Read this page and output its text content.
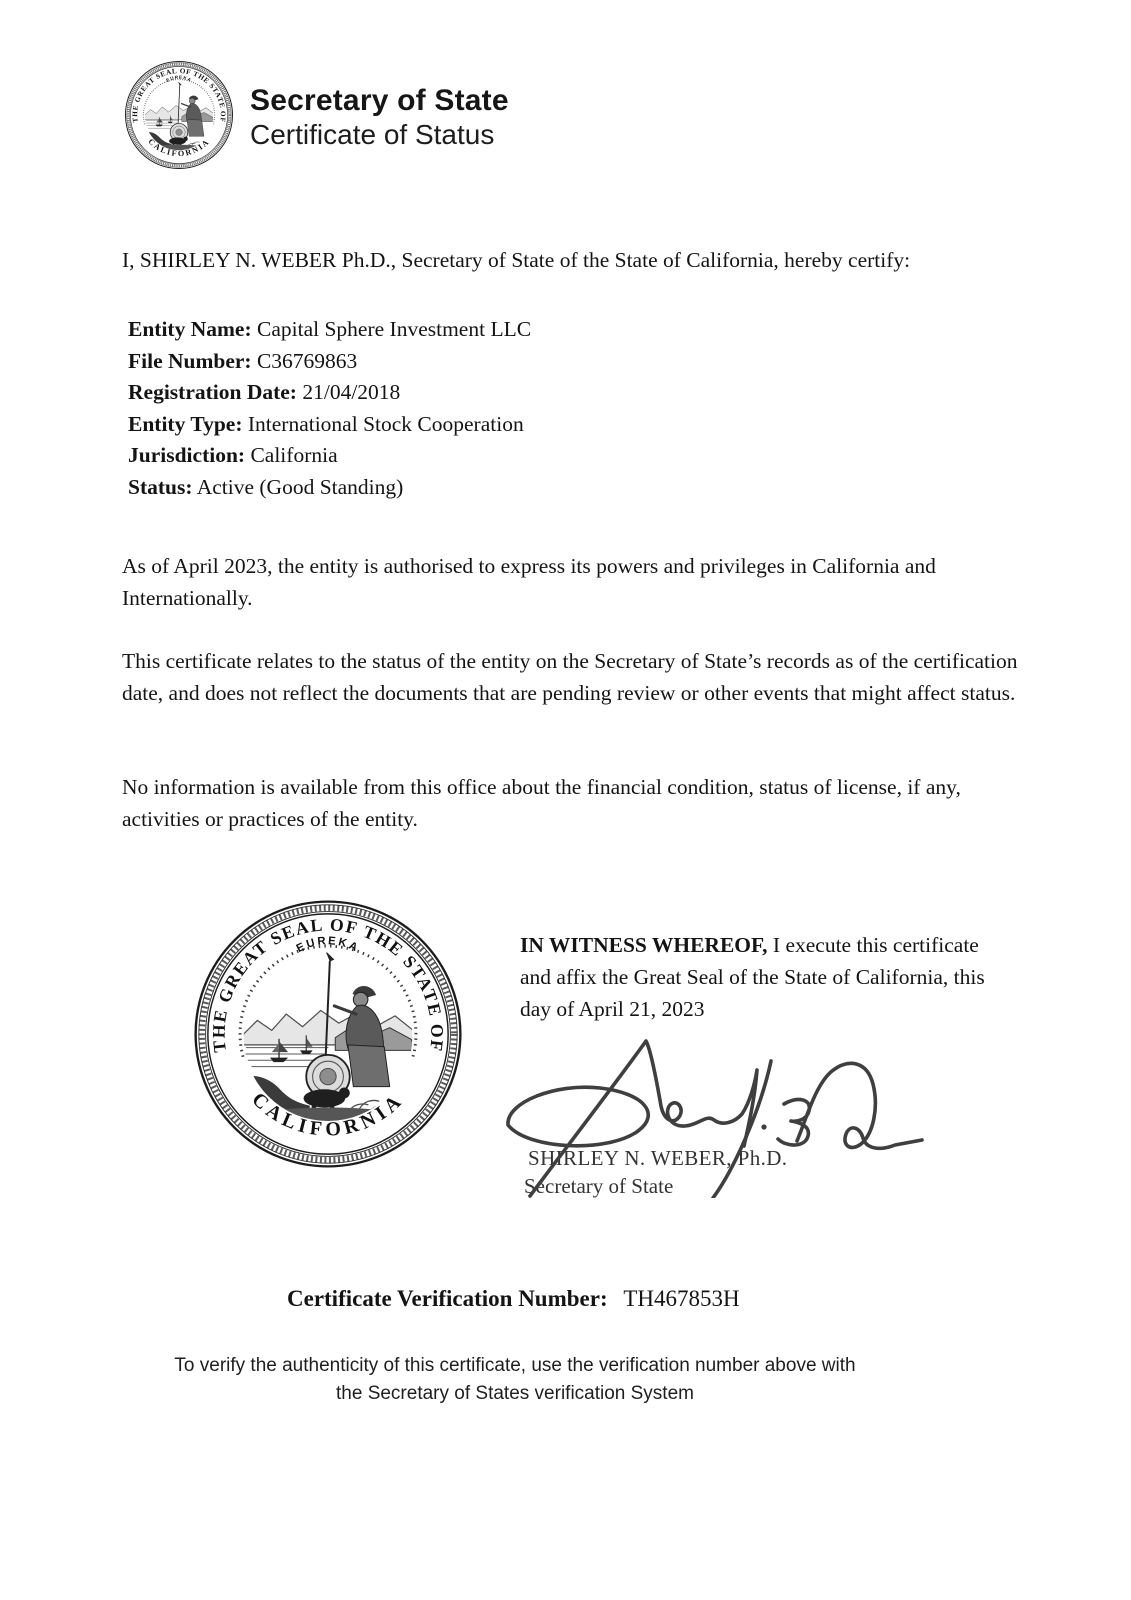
Secretary of State
Certificate of Status

I, SHIRLEY N. WEBER Ph.D., Secretary of State of the State of California, hereby certify:

Entity Name: Capital Sphere Investment LLC
File Number: C36769863
Registration Date: 21/04/2018
Entity Type: International Stock Cooperation
Jurisdiction: California
Status: Active (Good Standing)

As of April 2023, the entity is authorised to express its powers and privileges in California and Internationally.

This certificate relates to the status of the entity on the Secretary of State’s records as of the certification date, and does not reflect the documents that are pending review or other events that might affect status.

No information is available from this office about the financial condition, status of license, if any, activities or practices of the entity.

IN WITNESS WHEREOF, I execute this certificate and affix the Great Seal of the State of California, this day of April 21, 2023

SHIRLEY N. WEBER, Ph.D.
Secretary of State
Certificate Verification Number: TH467853H
To verify the authenticity of this certificate, use the verification number above with
the Secretary of States verification System
